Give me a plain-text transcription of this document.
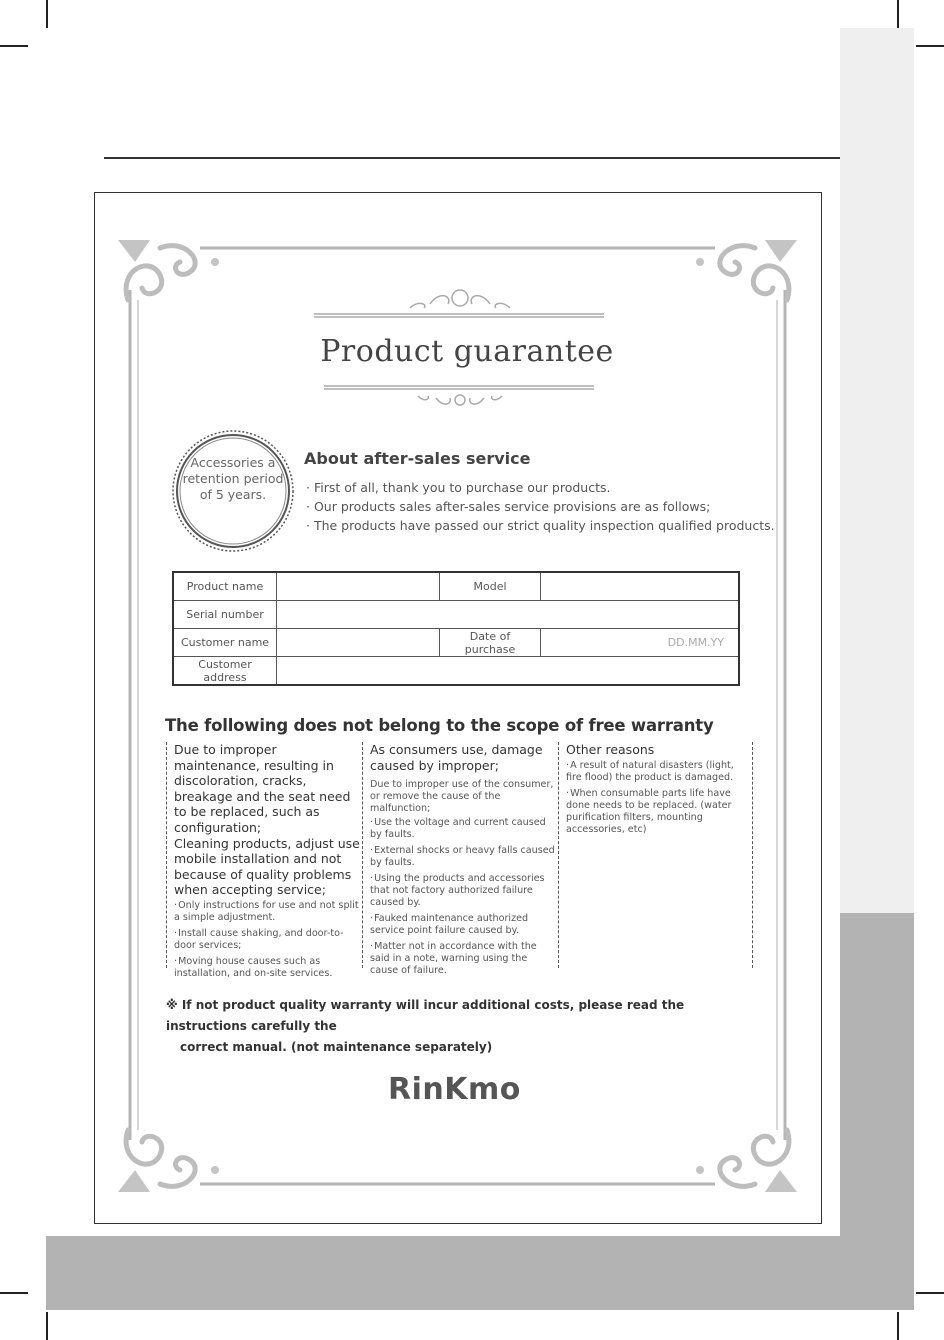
Product guarantee
Accessories a retention period of 5 years.
About after-sales service
· First of all, thank you to purchase our products.
· Our products sales after-sales service provisions are as follows;
· The products have passed our strict quality inspection qualified products.
Product name		Model	
Serial number			
Customer name		Date of purchase	DD.MM.YY
Customer address			
The following does not belong to the scope of free warranty

Due to improper maintenance, resulting in discoloration, cracks, breakage and the seat need to be replaced, such as configuration;

Cleaning products, adjust use mobile installation and not because of quality problems when accepting service;

· Only instructions for use and not split a simple adjustment.
· Install cause shaking, and door-to-door services;
· Moving house causes such as installation, and on-site services.

As consumers use, damage caused by improper;

Due to improper use of the consumer, or remove the cause of the malfunction;

· Use the voltage and current caused by faults.
· External shocks or heavy falls caused by faults.
· Using the products and accessories that not factory authorized failure caused by.
· Fauked maintenance authorized service point failure caused by.
· Matter not in accordance with the said in a note, warning using the cause of failure.

Other reasons

· A result of natural disasters (light, fire flood) the product is damaged.
· When consumable parts life have done needs to be replaced. (water purification filters, mounting accessories, etc)
※ If not product quality warranty will incur additional costs, please read the instructions carefully the
correct manual. (not maintenance separately)
RinKmo
